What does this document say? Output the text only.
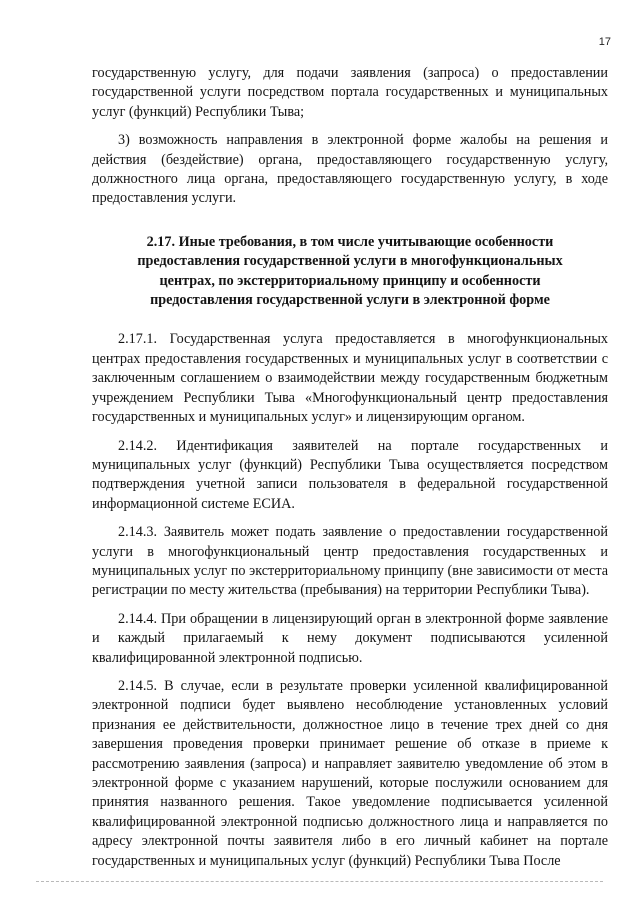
17

государственную услугу, для подачи заявления (запроса) о предоставлении государственной услуги посредством портала государственных и муниципальных услуг (функций) Республики Тыва;

3) возможность направления в электронной форме жалобы на решения и действия (бездействие) органа, предоставляющего государственную услугу, должностного лица органа, предоставляющего государственную услугу, в ходе предоставления услуги.

2.17. Иные требования, в том числе учитывающие особенности предоставления государственной услуги в многофункциональных центрах, по экстерриториальному принципу и особенности предоставления государственной услуги в электронной форме

2.17.1. Государственная услуга предоставляется в многофункциональных центрах предоставления государственных и муниципальных услуг в соответствии с заключенным соглашением о взаимодействии между государственным бюджетным учреждением Республики Тыва «Многофункциональный центр предоставления государственных и муниципальных услуг» и лицензирующим органом.

2.14.2. Идентификация заявителей на портале государственных и муниципальных услуг (функций) Республики Тыва осуществляется посредством подтверждения учетной записи пользователя в федеральной государственной информационной системе ЕСИА.

2.14.3. Заявитель может подать заявление о предоставлении государственной услуги в многофункциональный центр предоставления государственных и муниципальных услуг по экстерриториальному принципу (вне зависимости от места регистрации по месту жительства (пребывания) на территории Республики Тыва).

2.14.4. При обращении в лицензирующий орган в электронной форме заявление и каждый прилагаемый к нему документ подписываются усиленной квалифицированной электронной подписью.

2.14.5. В случае, если в результате проверки усиленной квалифицированной электронной подписи будет выявлено несоблюдение установленных условий признания ее действительности, должностное лицо в течение трех дней со дня завершения проведения проверки принимает решение об отказе в приеме к рассмотрению заявления (запроса) и направляет заявителю уведомление об этом в электронной форме с указанием нарушений, которые послужили основанием для принятия названного решения. Такое уведомление подписывается усиленной квалифицированной электронной подписью должностного лица и направляется по адресу электронной почты заявителя либо в его личный кабинет на портале государственных и муниципальных услуг (функций) Республики Тыва После
